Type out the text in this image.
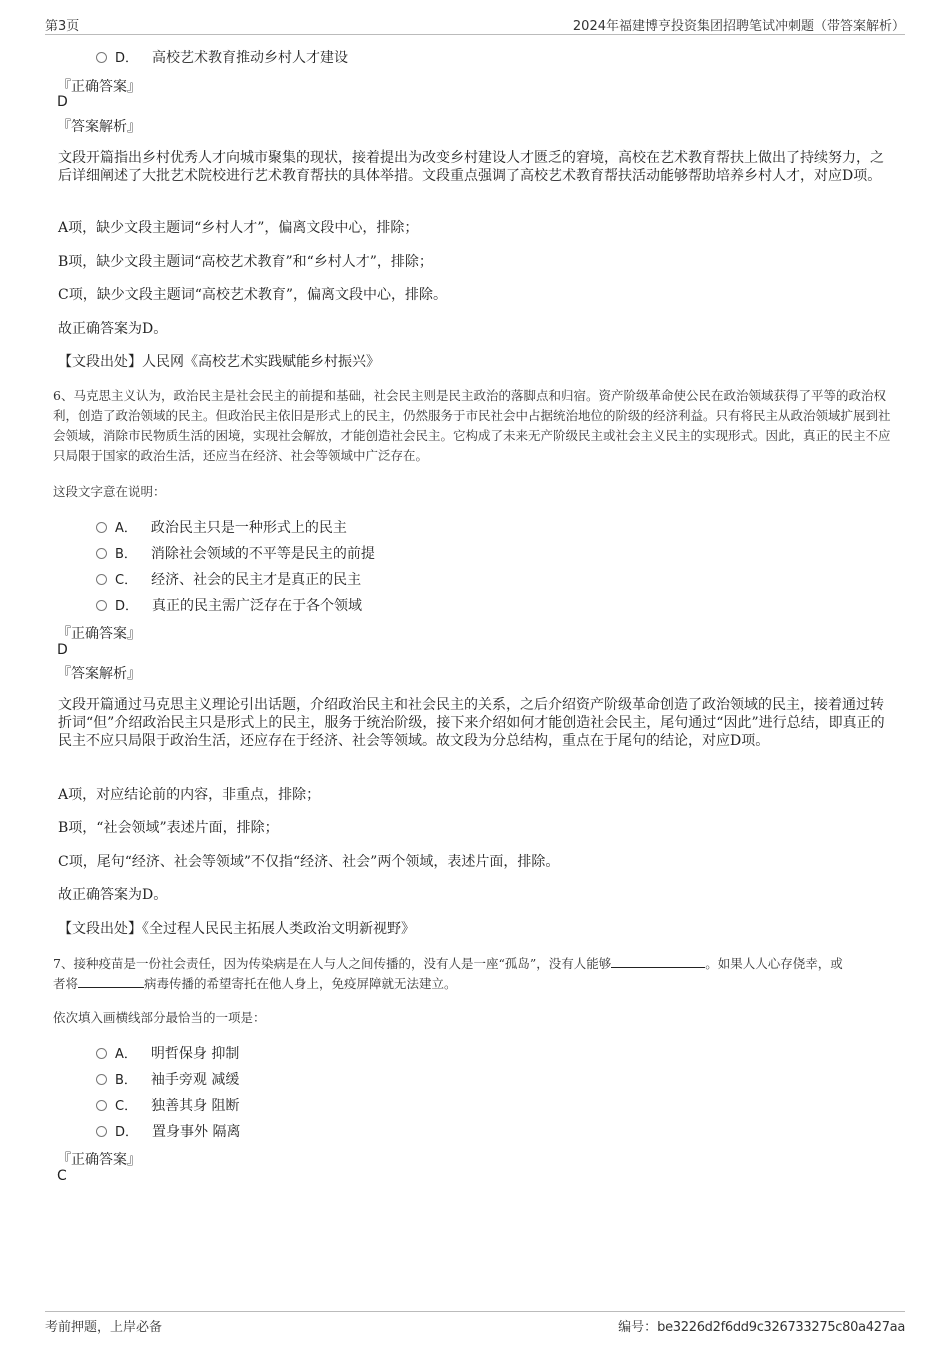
第3页	2024年福建博亨投资集团招聘笔试冲刺题（带答案解析）
D． 高校艺术教育推动乡村人才建设
『正确答案』
D
『答案解析』
文段开篇指出乡村优秀人才向城市聚集的现状，接着提出为改变乡村建设人才匮乏的窘境，高校在艺术教育帮扶上做出了持续努力，之后详细阐述了大批艺术院校进行艺术教育帮扶的具体举措。文段重点强调了高校艺术教育帮扶活动能够帮助培养乡村人才，对应D项。
A项，缺少文段主题词“乡村人才”，偏离文段中心，排除；
B项，缺少文段主题词“高校艺术教育”和“乡村人才”，排除；
C项，缺少文段主题词“高校艺术教育”，偏离文段中心，排除。
故正确答案为D。
【文段出处】人民网《高校艺术实践赋能乡村振兴》
6、马克思主义认为，政治民主是社会民主的前提和基础，社会民主则是民主政治的落脚点和归宿。资产阶级革命使公民在政治领域获得了平等的政治权利，创造了政治领域的民主。但政治民主依旧是形式上的民主，仍然服务于市民社会中占据统治地位的阶级的经济利益。只有将民主从政治领域扩展到社会领域，消除市民物质生活的困境，实现社会解放，才能创造社会民主。它构成了未来无产阶级民主或社会主义民主的实现形式。因此，真正的民主不应只局限于国家的政治生活，还应当在经济、社会等领域中广泛存在。
这段文字意在说明：
A． 政治民主只是一种形式上的民主
B． 消除社会领域的不平等是民主的前提
C． 经济、社会的民主才是真正的民主
D． 真正的民主需广泛存在于各个领域
『正确答案』
D
『答案解析』
文段开篇通过马克思主义理论引出话题，介绍政治民主和社会民主的关系，之后介绍资产阶级革命创造了政治领域的民主，接着通过转折词“但”介绍政治民主只是形式上的民主，服务于统治阶级，接下来介绍如何才能创造社会民主，尾句通过“因此”进行总结，即真正的民主不应只局限于政治生活，还应存在于经济、社会等领域。故文段为分总结构，重点在于尾句的结论，对应D项。
A项，对应结论前的内容，非重点，排除；
B项，“社会领域”表述片面，排除；
C项，尾句“经济、社会等领域”不仅指“经济、社会”两个领域，表述片面，排除。
故正确答案为D。
【文段出处】《全过程人民民主拓展人类政治文明新视野》
7、接种疫苗是一份社会责任，因为传染病是在人与人之间传播的，没有人是一座“孤岛”，没有人能够	。如果人人心存侥幸，或
者将	病毒传播的希望寄托在他人身上，免疫屏障就无法建立。
依次填入画横线部分最恰当的一项是：
A． 明哲保身 抑制
B． 袖手旁观 减缓
C． 独善其身 阻断
D． 置身事外 隔离
『正确答案』
C
考前押题，上岸必备	编号：be3226d2f6dd9c326733275c80a427aa
